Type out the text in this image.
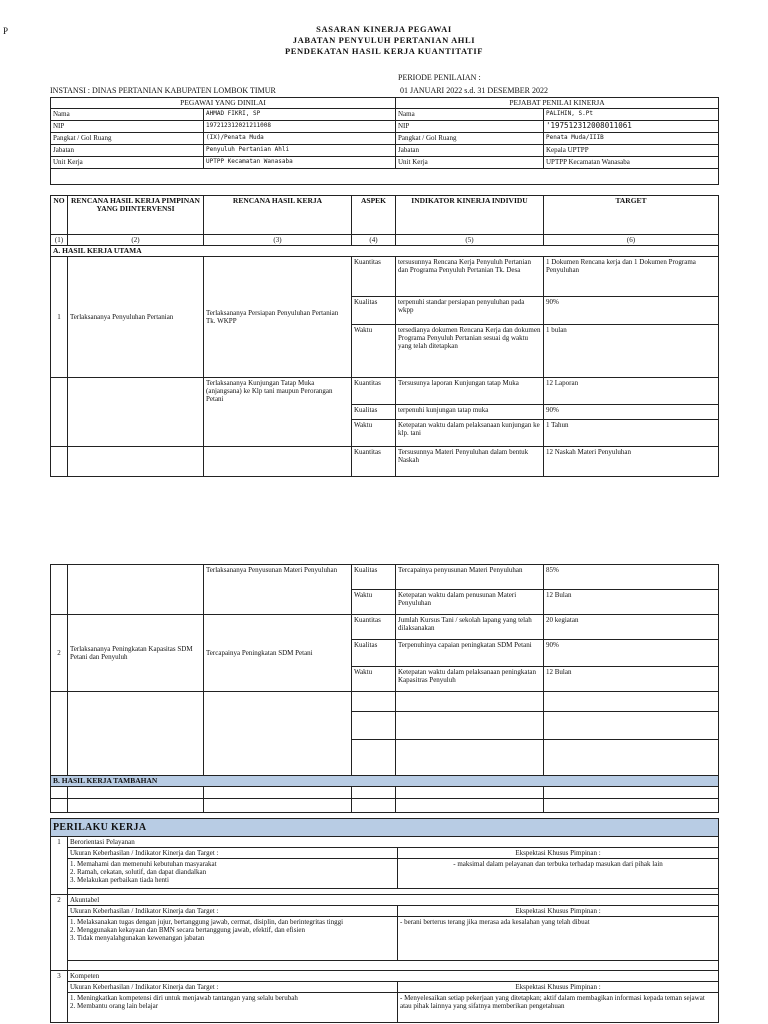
P	SASARAN KINERJA PEGAWAI
JABATAN PENYULUH PERTANIAN AHLI
PENDEKATAN HASIL KERJA KUANTITATIF
PERIODE PENILAIAN :
01 JANUARI 2022 s.d. 31 DESEMBER 2022
INSTANSI : DINAS PERTANIAN KABUPATEN LOMBOK TIMUR
PEGAWAI YANG DINILAI		PEJABAT PENILAI KINERJA	
Nama	AHMAD FIKRI, SP	Nama	PALIHIN, S.Pt
NIP	197212312021211008	NIP	'197512312008011061
Pangkat / Gol Ruang	(IX)/Penata Muda	Pangkat / Gol Ruang	Penata Muda/IIIB
Jabatan	Penyuluh Pertanian Ahli	Jabatan	Kepala UPTPP
Unit Kerja	UPTPP Kecamatan Wanasaba	Unit Kerja	UPTPP Kecamatan Wanasaba

NO	RENCANA HASIL KERJA PIMPINAN YANG DIINTERVENSI	RENCANA HASIL KERJA	ASPEK	INDIKATOR KINERJA INDIVIDU	TARGET
(1)	(2)	(3)	(4)	(5)	(6)
A. HASIL KERJA UTAMA					
1	Terlaksananya Penyuluhan Pertanian	Terlaksananya Persiapan Penyuluhan Pertanian Tk. WKPP	Kuantitas	tersusunnya Rencana Kerja Penyuluh Pertanian dan Programa Penyuluh Pertanian Tk. Desa	1 Dokumen Rencana kerja dan 1 Dokumen Programa Penyuluhan
			Kualitas	terpenuhi standar persiapan penyuluhan pada wkpp	90%
			Waktu	tersedianya dokumen Rencana Kerja dan dokumen Programa Penyuluh Pertanian sesuai dg waktu yang telah ditetapkan	1 bulan
		Terlaksananya Kunjungan Tatap Muka (anjangsana) ke Klp tani maupun Perorangan Petani	Kuantitas	Tersusunya laporan Kunjungan tatap Muka	12 Laporan
			Kualitas	terpenuhi kunjungan tatap muka	90%
			Waktu	Ketepatan waktu dalam pelaksanaan kunjungan ke klp. tani	1 Tahun
			Kuantitas	Tersusunnya Materi Penyuluhan dalam bentuk Naskah	12 Naskah Materi Penyuluhan
		Terlaksananya Penyusunan Materi Penyuluhan	Kualitas	Tercapainya penyusunan Materi Penyuluhan	85%
			Waktu	Ketepatan waktu dalam penusunan Materi Penyuluhan	12 Bulan
2	Terlaksananya Peningkatan Kapasitas SDM Petani dan Penyuluh	Tercapainya Peningkatan SDM Petani	Kuantitas	Jumlah Kursus Tani / sekolah lapang yang telah dilaksanakan	20 kegiatan
			Kualitas	Terpenuhinya capaian peningkatan SDM Petani	90%
			Waktu	Ketepatan waktu dalam pelaksanaan peningkatan Kapasitras Penyuluh	12 Bulan

B. HASIL KERJA TAMBAHAN					

PERILAKU KERJA		
1	Berorientasi Pelayanan	
	Ukuran Keberhasilan / Indikator Kinerja dan Target :	Ekspektasi Khusus Pimpinan :

	1. Memahami dan memenuhi kebutuhan masyarakat
2. Ramah, cekatan, solutif, dan dapat diandalkan
3. Melakukan perbaikan tiada henti	- maksimal dalam pelayanan dan terbuka terhadap masukan dari pihak lain

2	Akuntabel	
	Ukuran Keberhasilan / Indikator Kinerja dan Target :	Ekspektasi Khusus Pimpinan :

	1. Melaksanakan tugas dengan jujur, bertanggung jawab, cermat, disiplin, dan berintegritas tinggi
2. Menggunakan kekayaan dan BMN secara bertanggung jawab, efektif, dan efisien
3. Tidak menyalahgunakan kewenangan jabatan	- berani berterus terang jika merasa ada kesalahan yang telah dibuat

3	Kompeten	
	Ukuran Keberhasilan / Indikator Kinerja dan Target :	Ekspektasi Khusus Pimpinan :

	1. Meningkatkan kompetensi diri untuk menjawab tantangan yang selalu berubah
2. Membantu orang lain belajar	- Menyelesaikan setiap pekerjaan yang ditetapkan; aktif dalam membagikan informasi kepada teman sejawat atau pihak lainnya yang sifatnya memberikan pengetahuan
